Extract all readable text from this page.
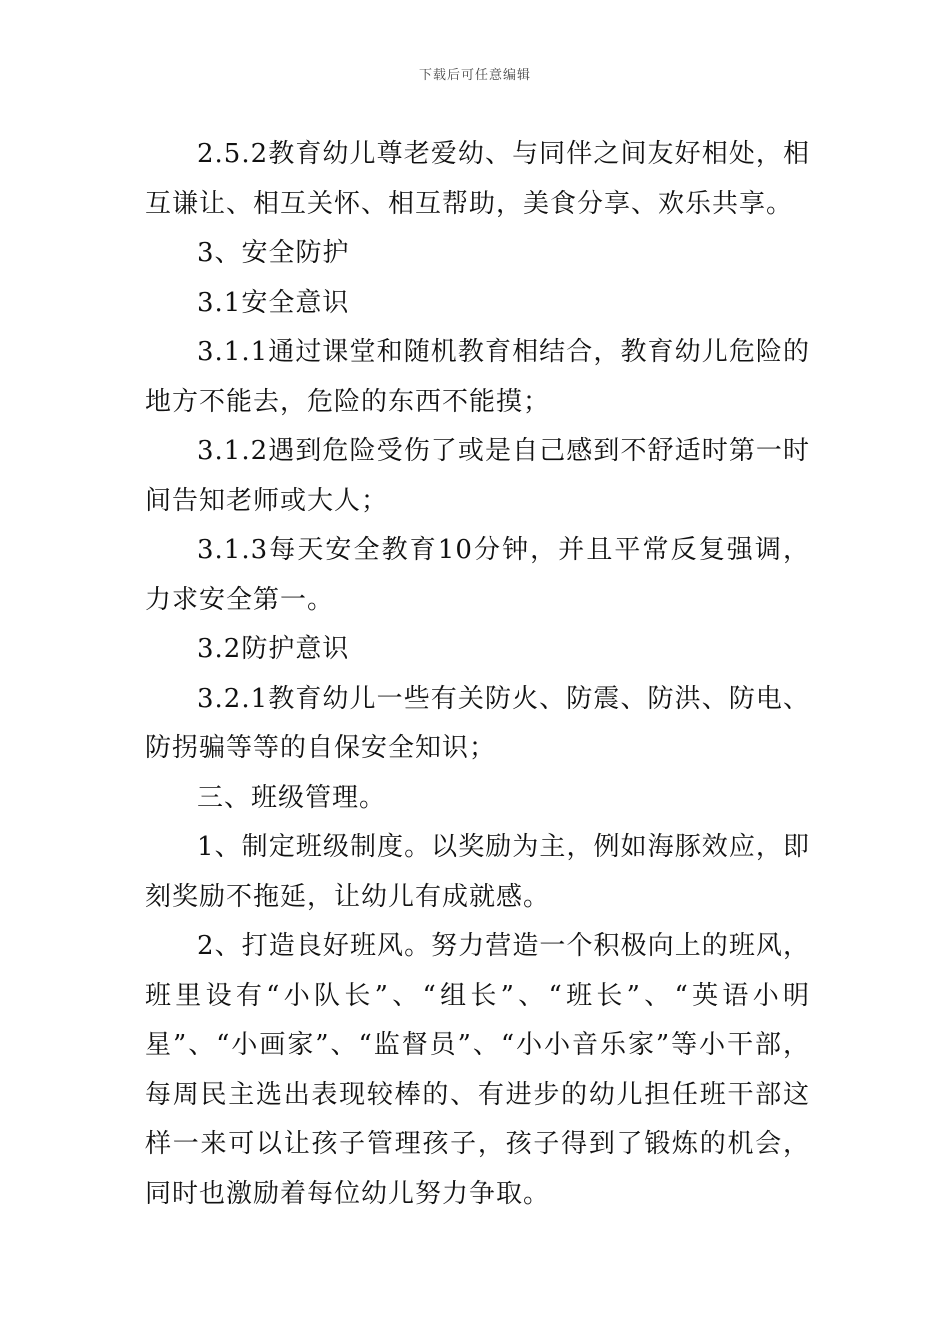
下载后可任意编辑

2.5.2教育幼儿尊老爱幼、与同伴之间友好相处，相互谦让、相互关怀、相互帮助，美食分享、欢乐共享。

3、安全防护

3.1安全意识

3.1.1通过课堂和随机教育相结合，教育幼儿危险的地方不能去，危险的东西不能摸；

3.1.2遇到危险受伤了或是自己感到不舒适时第一时间告知老师或大人；

3.1.3每天安全教育10分钟，并且平常反复强调，力求安全第一。

3.2防护意识

3.2.1教育幼儿一些有关防火、防震、防洪、防电、防拐骗等等的自保安全知识；

三、班级管理。

1、制定班级制度。以奖励为主，例如海豚效应，即刻奖励不拖延，让幼儿有成就感。

2、打造良好班风。努力营造一个积极向上的班风，班里设有“小队长”、“组长”、“班长”、“英语小明星”、“小画家”、“监督员”、“小小音乐家”等小干部，每周民主选出表现较棒的、有进步的幼儿担任班干部这样一来可以让孩子管理孩子，孩子得到了锻炼的机会，同时也激励着每位幼儿努力争取。
